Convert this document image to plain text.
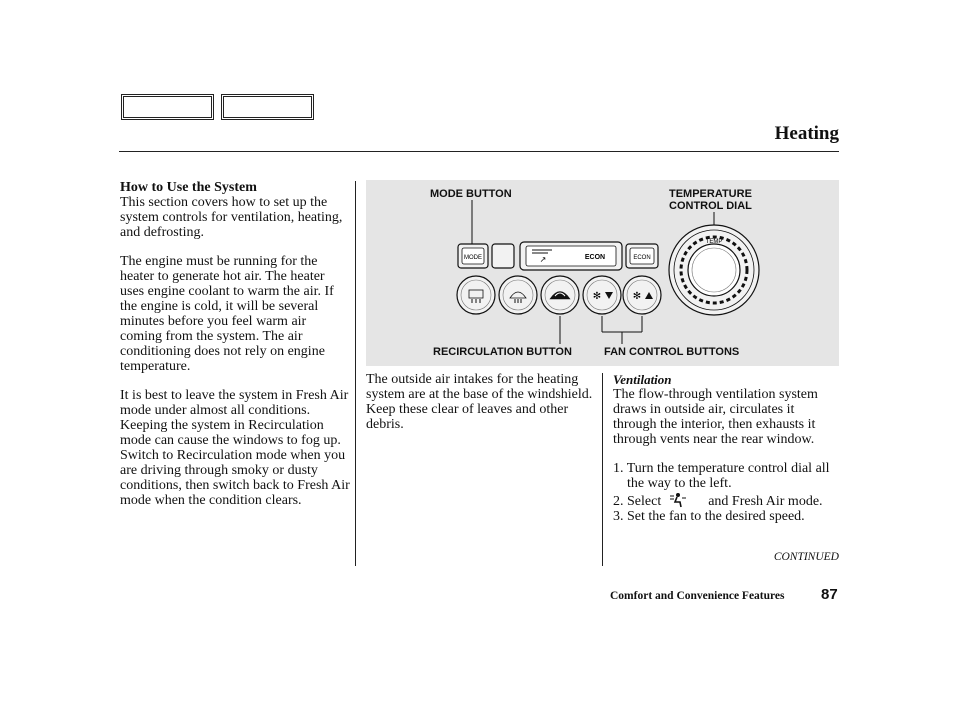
Heating
How to Use the System

This section covers how to set up the system controls for ventilation, heating, and defrosting.

The engine must be running for the heater to generate hot air. The heater uses engine coolant to warm the air. If the engine is cold, it will be several minutes before you feel warm air coming from the system. The air conditioning does not rely on engine temperature.

It is best to leave the system in Fresh Air mode under almost all conditions. Keeping the system in Recirculation mode can cause the windows to fog up. Switch to Recirculation mode when you are driving through smoky or dusty conditions, then switch back to Fresh Air mode when the condition clears.

MODE BUTTON	TEMPERATURE
CONTROL DIAL
RECIRCULATION BUTTON	FAN CONTROL BUTTONS
MODE	↗	ECON	ECON
✻	✻
TEMP

The outside air intakes for the heating system are at the base of the windshield. Keep these clear of leaves and other debris.

Ventilation

The flow-through ventilation system draws in outside air, circulates it through the interior, then exhausts it through vents near the rear window.

1. Turn the temperature control dial all the way to the left.
2. Select	and Fresh Air mode.
3. Set the fan to the desired speed.
CONTINUED
Comfort and Convenience Features 87
